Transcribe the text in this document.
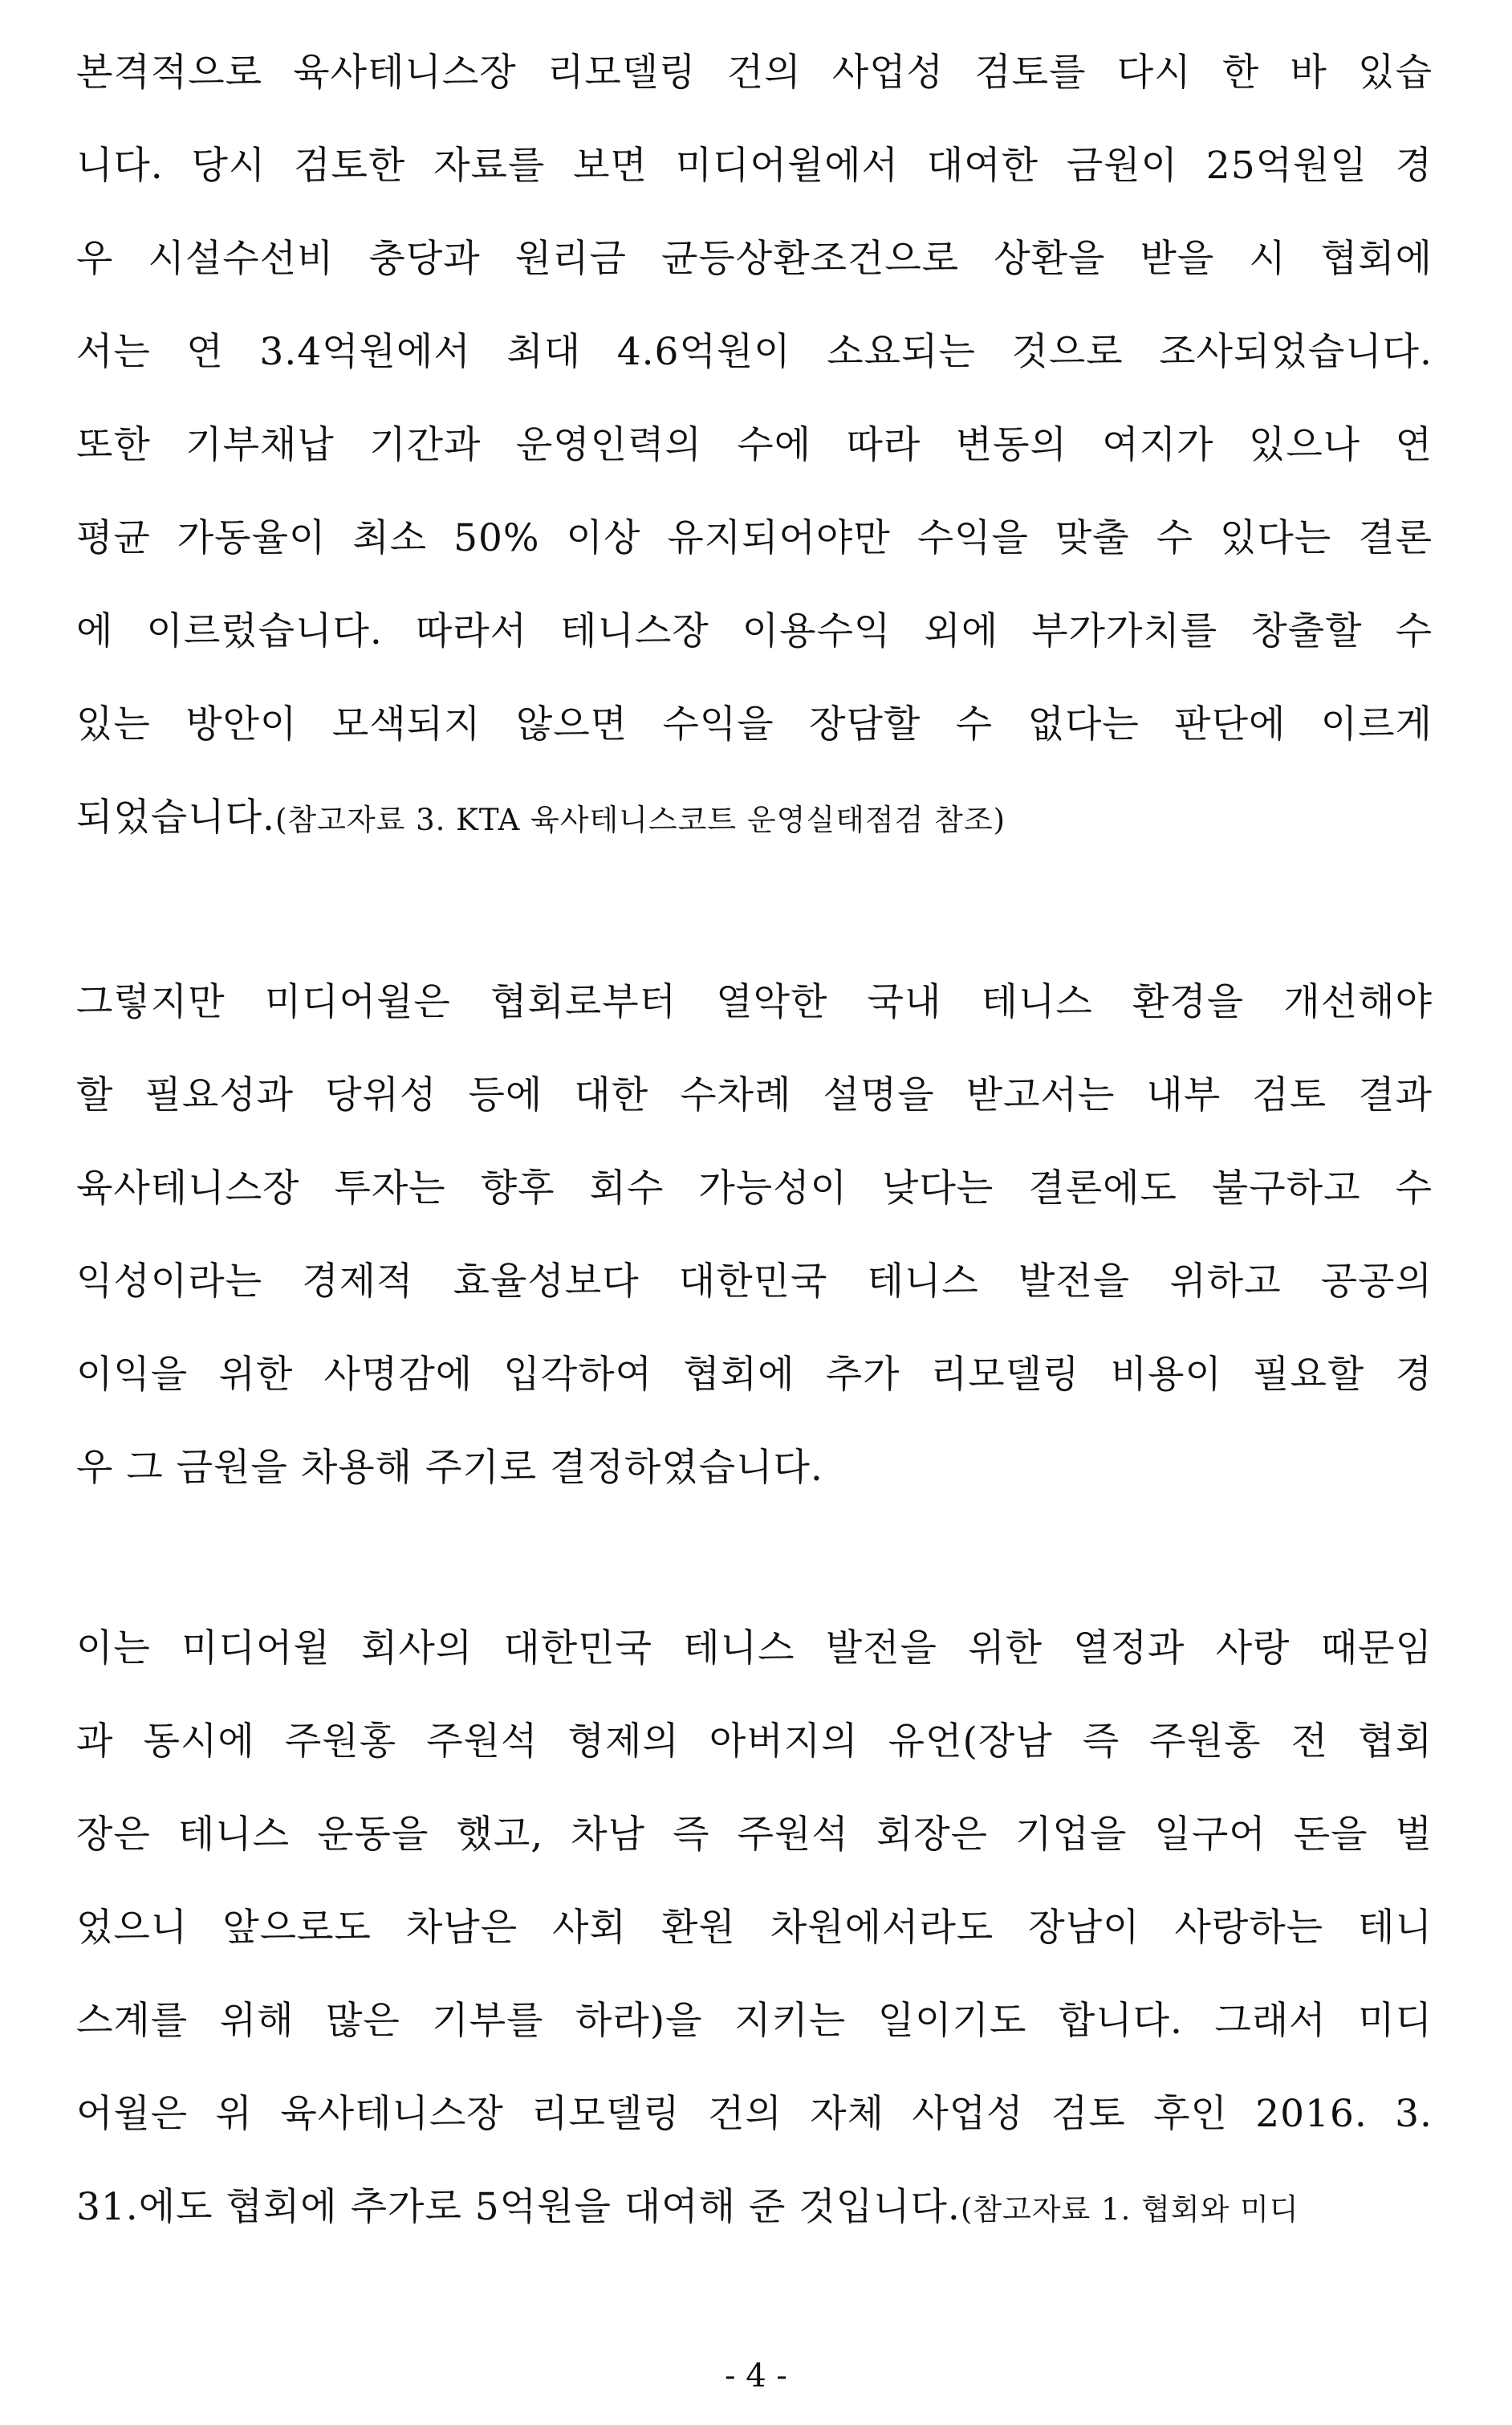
본격적으로 육사테니스장 리모델링 건의 사업성 검토를 다시 한 바 있습
니다. 당시 검토한 자료를 보면 미디어윌에서 대여한 금원이 25억원일 경
우 시설수선비 충당과 원리금 균등상환조건으로 상환을 받을 시 협회에
서는 연 3.4억원에서 최대 4.6억원이 소요되는 것으로 조사되었습니다.
또한 기부채납 기간과 운영인력의 수에 따라 변동의 여지가 있으나 연
평균 가동율이 최소 50% 이상 유지되어야만 수익을 맞출 수 있다는 결론
에 이르렀습니다. 따라서 테니스장 이용수익 외에 부가가치를 창출할 수
있는 방안이 모색되지 않으면 수익을 장담할 수 없다는 판단에 이르게
되었습니다.(참고자료 3. KTA 육사테니스코트 운영실태점검 참조)
그렇지만 미디어윌은 협회로부터 열악한 국내 테니스 환경을 개선해야
할 필요성과 당위성 등에 대한 수차례 설명을 받고서는 내부 검토 결과
육사테니스장 투자는 향후 회수 가능성이 낮다는 결론에도 불구하고 수
익성이라는 경제적 효율성보다 대한민국 테니스 발전을 위하고 공공의
이익을 위한 사명감에 입각하여 협회에 추가 리모델링 비용이 필요할 경
우 그 금원을 차용해 주기로 결정하였습니다.
이는 미디어윌 회사의 대한민국 테니스 발전을 위한 열정과 사랑 때문임
과 동시에 주원홍 주원석 형제의 아버지의 유언(장남 즉 주원홍 전 협회
장은 테니스 운동을 했고, 차남 즉 주원석 회장은 기업을 일구어 돈을 벌
었으니 앞으로도 차남은 사회 환원 차원에서라도 장남이 사랑하는 테니
스계를 위해 많은 기부를 하라)을 지키는 일이기도 합니다. 그래서 미디
어윌은 위 육사테니스장 리모델링 건의 자체 사업성 검토 후인 2016. 3.
31.에도 협회에 추가로 5억원을 대여해 준 것입니다.(참고자료 1. 협회와 미디
- 4 -
